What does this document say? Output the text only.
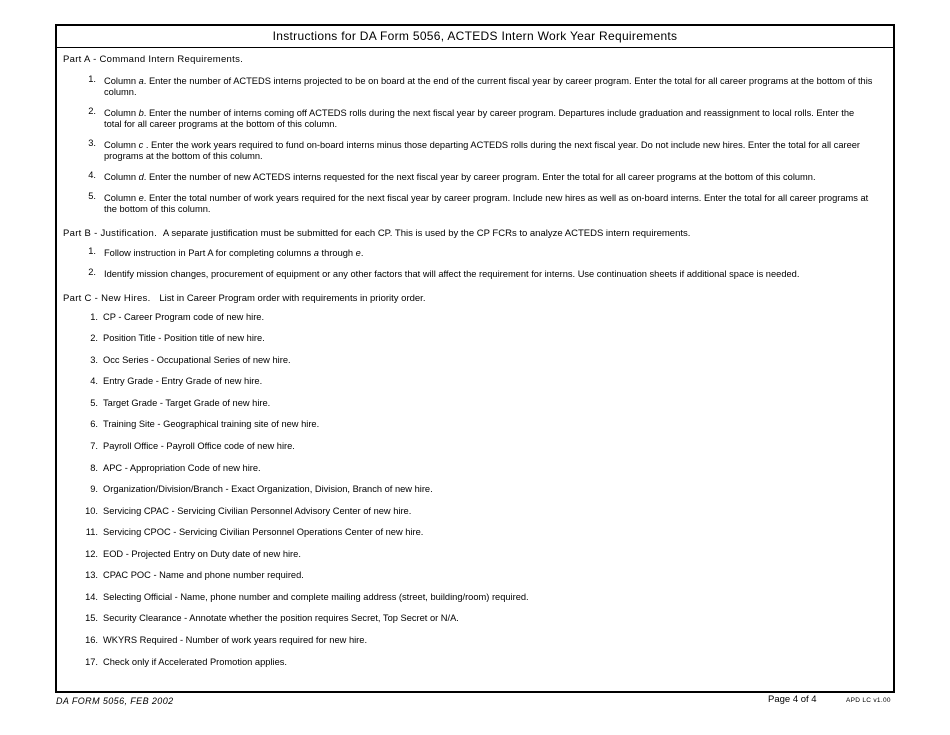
Instructions for DA Form 5056, ACTEDS Intern Work Year Requirements
Part A - Command Intern Requirements.
1. Column a. Enter the number of ACTEDS interns projected to be on board at the end of the current fiscal year by career program. Enter the total for all career programs at the bottom of this column.
2. Column b. Enter the number of interns coming off ACTEDS rolls during the next fiscal year by career program. Departures include graduation and reassignment to local rolls. Enter the total for all career programs at the bottom of this column.
3. Column c . Enter the work years required to fund on-board interns minus those departing ACTEDS rolls during the next fiscal year. Do not include new hires. Enter the total for all career programs at the bottom of this column.
4. Column d. Enter the number of new ACTEDS interns requested for the next fiscal year by career program. Enter the total for all career programs at the bottom of this column.
5. Column e. Enter the total number of work years required for the next fiscal year by career program. Include new hires as well as on-board interns. Enter the total for all career programs at the bottom of this column.
Part B - Justification. A separate justification must be submitted for each CP. This is used by the CP FCRs to analyze ACTEDS intern requirements.
1. Follow instruction in Part A for completing columns a through e.
2. Identify mission changes, procurement of equipment or any other factors that will affect the requirement for interns. Use continuation sheets if additional space is needed.
Part C - New Hires. List in Career Program order with requirements in priority order.
1. CP - Career Program code of new hire.
2. Position Title - Position title of new hire.
3. Occ Series - Occupational Series of new hire.
4. Entry Grade - Entry Grade of new hire.
5. Target Grade - Target Grade of new hire.
6. Training Site - Geographical training site of new hire.
7. Payroll Office - Payroll Office code of new hire.
8. APC - Appropriation Code of new hire.
9. Organization/Division/Branch - Exact Organization, Division, Branch of new hire.
10. Servicing CPAC - Servicing Civilian Personnel Advisory Center of new hire.
11. Servicing CPOC - Servicing Civilian Personnel Operations Center of new hire.
12. EOD - Projected Entry on Duty date of new hire.
13. CPAC POC - Name and phone number required.
14. Selecting Official - Name, phone number and complete mailing address (street, building/room) required.
15. Security Clearance - Annotate whether the position requires Secret, Top Secret or N/A.
16. WKYRS Required - Number of work years required for new hire.
17. Check only if Accelerated Promotion applies.
DA FORM 5056, FEB 2002	Page 4 of 4	APD LC v1.00
